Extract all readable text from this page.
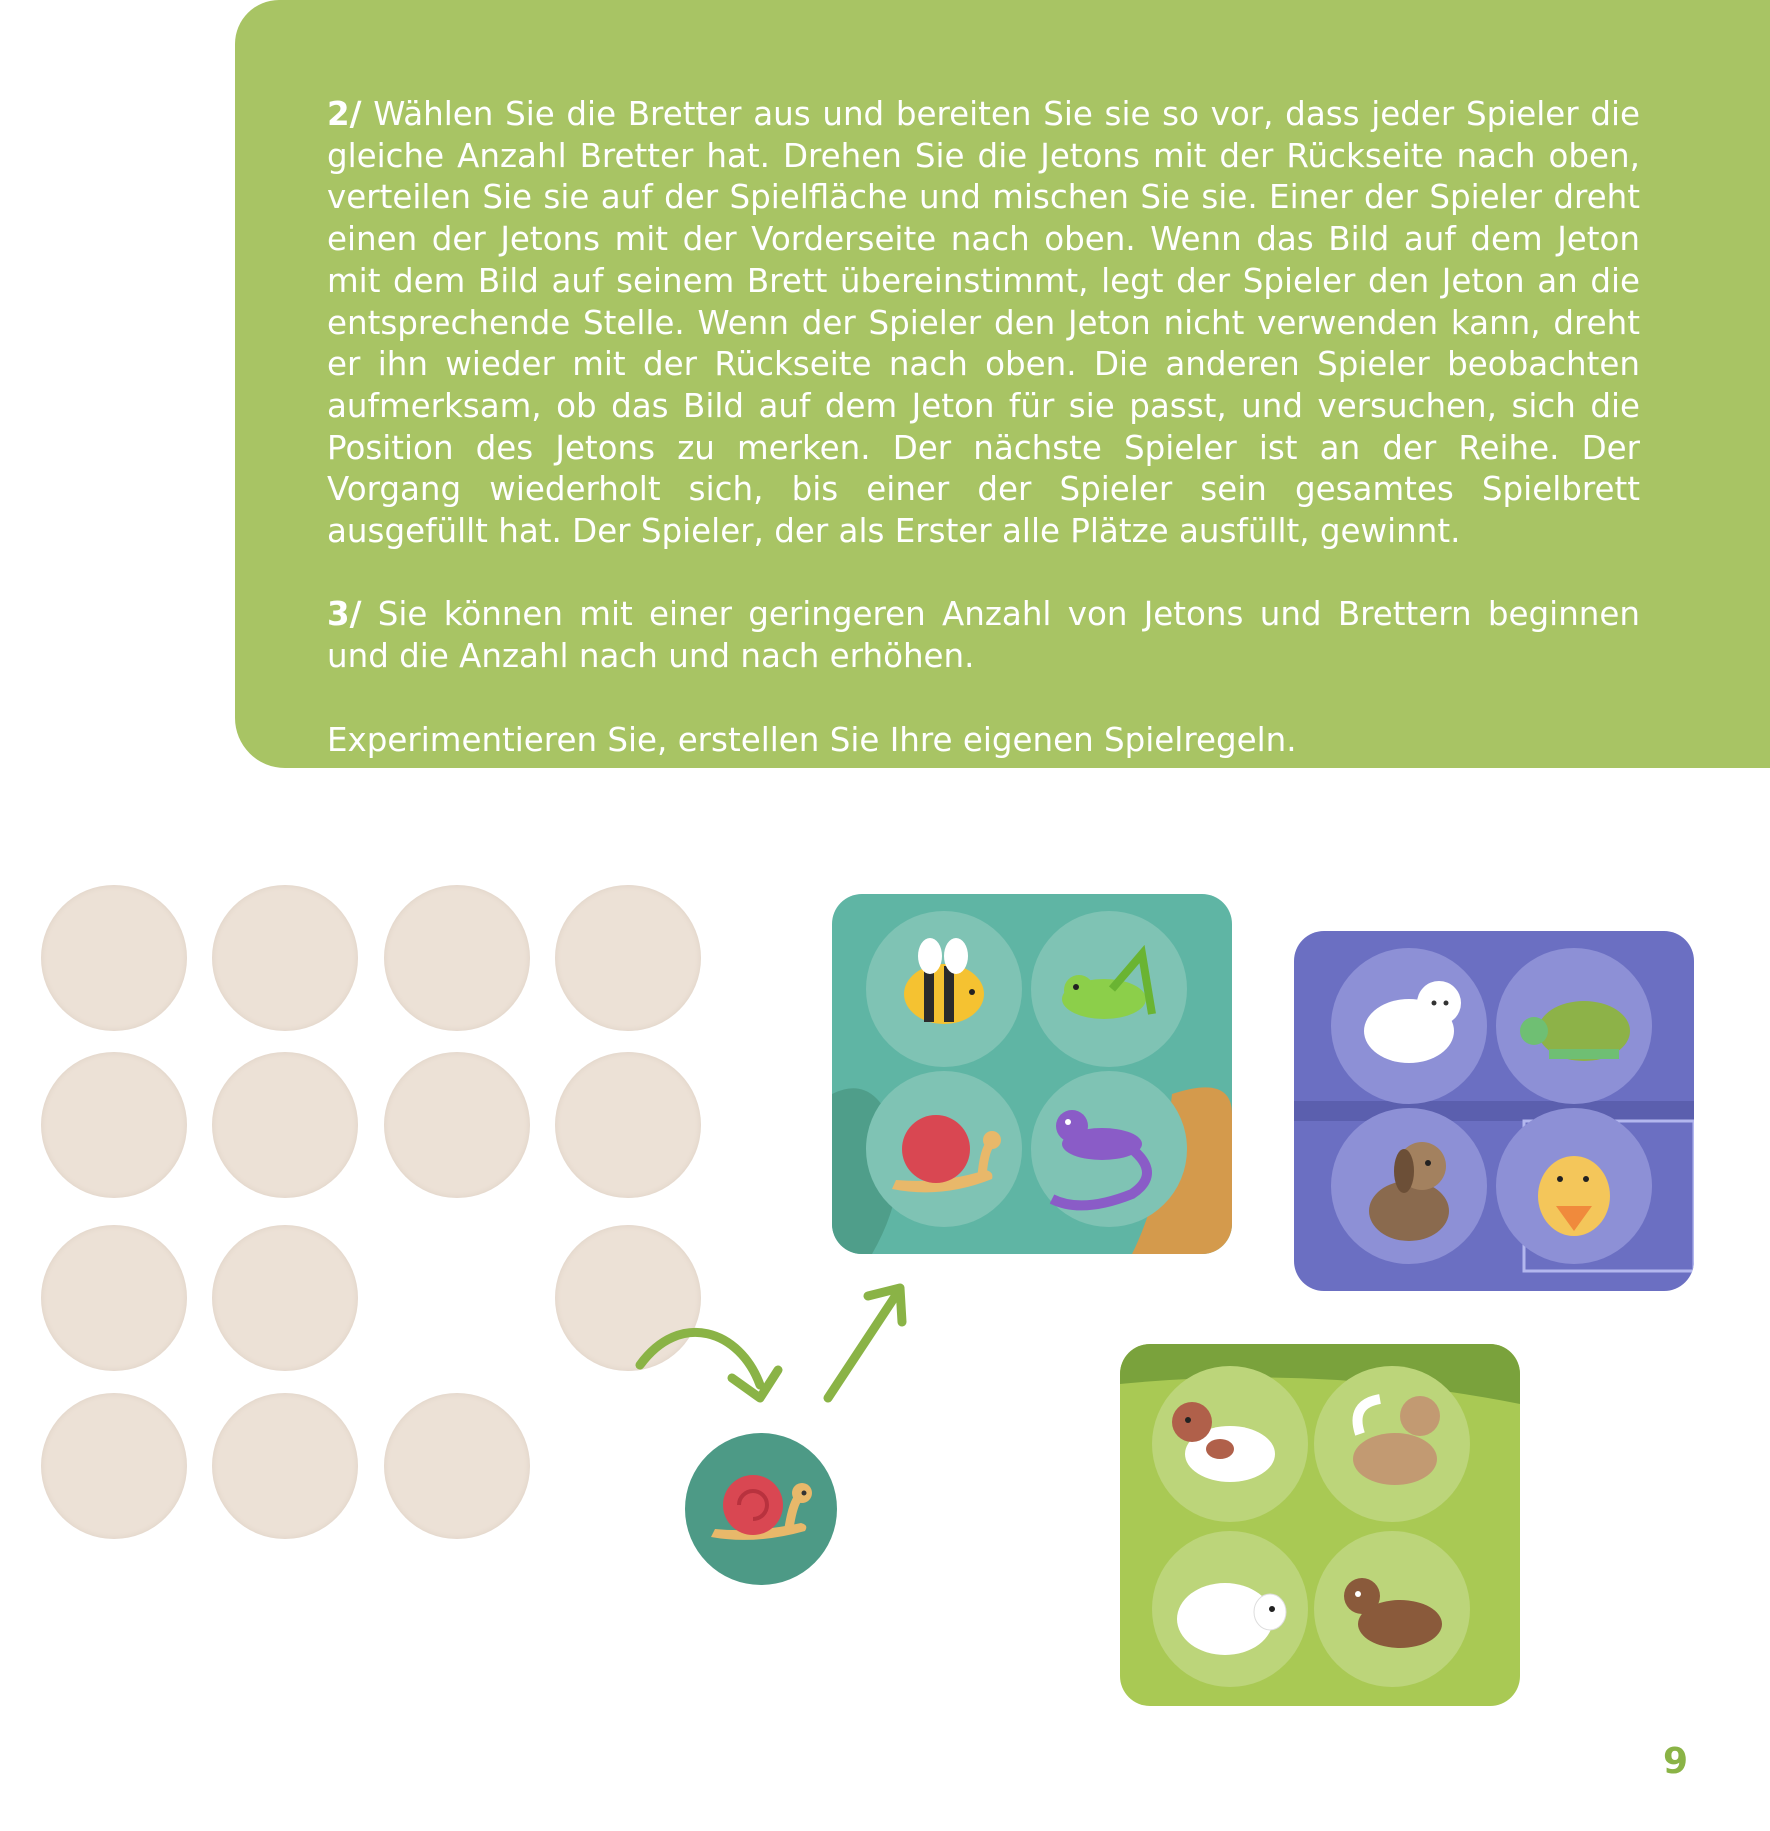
2/ Wählen Sie die Bretter aus und bereiten Sie sie so vor, dass jeder Spieler die gleiche Anzahl Bretter hat. Drehen Sie die Jetons mit der Rückseite nach oben, verteilen Sie sie auf der Spielfläche und mischen Sie sie. Einer der Spieler dreht einen der Jetons mit der Vorderseite nach oben. Wenn das Bild auf dem Jeton mit dem Bild auf seinem Brett übereinstimmt, legt der Spieler den Jeton an die entsprechende Stelle. Wenn der Spieler den Jeton nicht verwenden kann, dreht er ihn wieder mit der Rückseite nach oben. Die anderen Spieler beobachten aufmerksam, ob das Bild auf dem Jeton für sie passt, und versuchen, sich die Position des Jetons zu merken. Der nächste Spieler ist an der Reihe. Der Vorgang wiederholt sich, bis einer der Spieler sein gesamtes Spielbrett ausgefüllt hat. Der Spieler, der als Erster alle Plätze ausfüllt, gewinnt.

3/ Sie können mit einer geringeren Anzahl von Jetons und Brettern beginnen und die Anzahl nach und nach erhöhen.

Experimentieren Sie, erstellen Sie Ihre eigenen Spielregeln.

9
